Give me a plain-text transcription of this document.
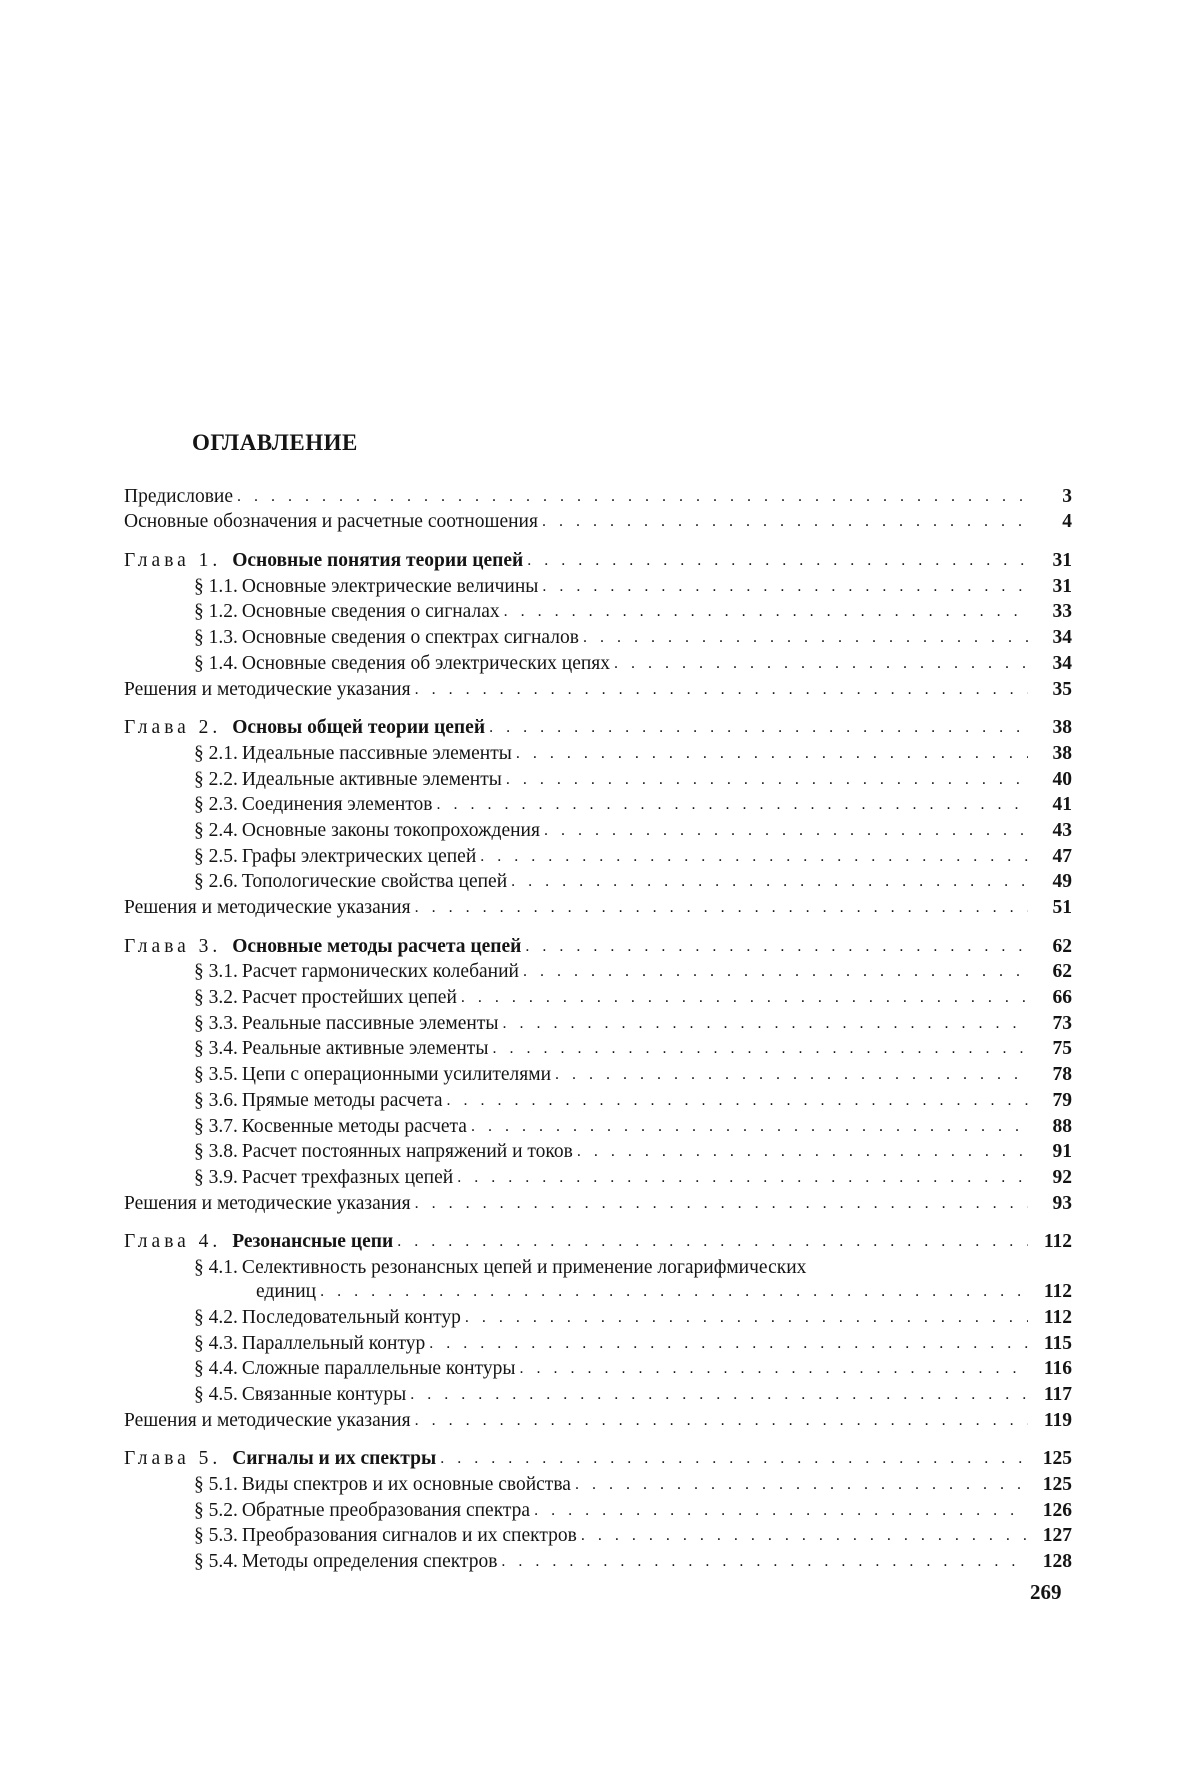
ОГЛАВЛЕНИЕ
Предисловие . . .	3
Основные обозначения и расчетные соотношения . . .	4
Глава 1. Основные понятия теории цепей . . .	31
§ 1.1. Основные электрические величины . . .	31
§ 1.2. Основные сведения о сигналах . . .	33
§ 1.3. Основные сведения о спектрах сигналов . . .	34
§ 1.4. Основные сведения об электрических цепях . . .	34
Решения и методические указания . . .	35
Глава 2. Основы общей теории цепей . . .	38
§ 2.1. Идеальные пассивные элементы . . .	38
§ 2.2. Идеальные активные элементы . . .	40
§ 2.3. Соединения элементов . . .	41
§ 2.4. Основные законы токопрохождения . . .	43
§ 2.5. Графы электрических цепей . . .	47
§ 2.6. Топологические свойства цепей . . .	49
Решения и методические указания . . .	51
Глава 3. Основные методы расчета цепей . . .	62
§ 3.1. Расчет гармонических колебаний . . .	62
§ 3.2. Расчет простейших цепей . . .	66
§ 3.3. Реальные пассивные элементы . . .	73
§ 3.4. Реальные активные элементы . . .	75
§ 3.5. Цепи с операционными усилителями . . .	78
§ 3.6. Прямые методы расчета . . .	79
§ 3.7. Косвенные методы расчета . . .	88
§ 3.8. Расчет постоянных напряжений и токов . . .	91
§ 3.9. Расчет трехфазных цепей . . .	92
Решения и методические указания . . .	93
Глава 4. Резонансные цепи . . .	112
§ 4.1. Селективность резонансных цепей и применение логарифмических
единиц . . .	112
§ 4.2. Последовательный контур . . .	112
§ 4.3. Параллельный контур . . .	115
§ 4.4. Сложные параллельные контуры . . .	116
§ 4.5. Связанные контуры . . .	117
Решения и методические указания . . .	119
Глава 5. Сигналы и их спектры . . .	125
§ 5.1. Виды спектров и их основные свойства . . .	125
§ 5.2. Обратные преобразования спектра . . .	126
§ 5.3. Преобразования сигналов и их спектров . . .	127
§ 5.4. Методы определения спектров . . .	128
269
